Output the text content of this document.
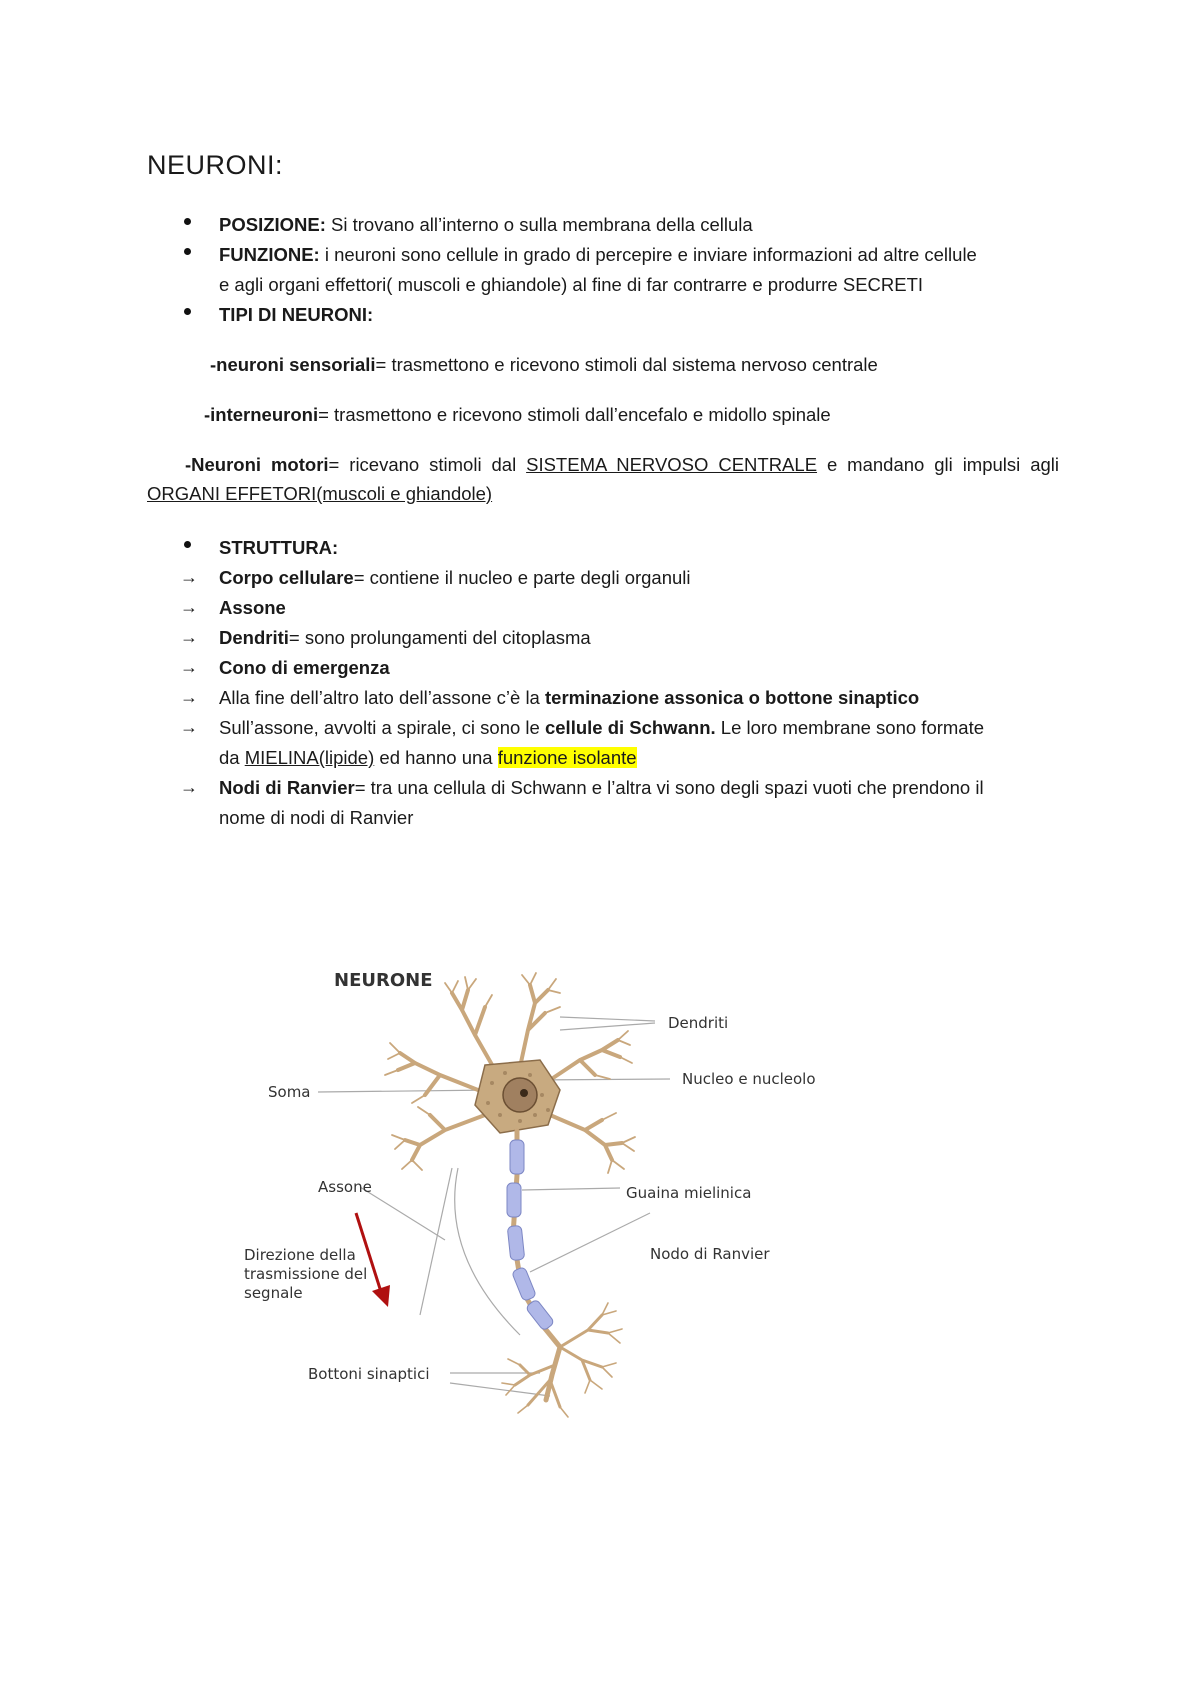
NEURONI:
POSIZIONE: Si trovano all’interno o sulla membrana della cellula
FUNZIONE: i neuroni sono cellule in grado di percepire e inviare informazioni ad altre cellule
e agli organi effettori( muscoli e ghiandole) al fine di far contrarre e produrre SECRETI
TIPI DI NEURONI:
-neuroni sensoriali= trasmettono e ricevono stimoli dal sistema nervoso centrale
-interneuroni= trasmettono e ricevono stimoli dall’encefalo e midollo spinale
-Neuroni motori= ricevano stimoli dal SISTEMA NERVOSO CENTRALE e mandano gli impulsi agli ORGANI EFFETORI(muscoli e ghiandole)
STRUTTURA:
→ Corpo cellulare= contiene il nucleo e parte degli organuli
→ Assone
→ Dendriti= sono prolungamenti del citoplasma
→ Cono di emergenza
→ Alla fine dell’altro lato dell’assone c’è la terminazione assonica o bottone sinaptico
→ Sull’assone, avvolti a spirale, ci sono le cellule di Schwann. Le loro membrane sono formate
da MIELINA(lipide) ed hanno una funzione isolante
→ Nodi di Ranvier= tra una cellula di Schwann e l’altra vi sono degli spazi vuoti che prendono il
nome di nodi di Ranvier
NEURONE
Dendriti
Nucleo e nucleolo
Soma
Assone	Guaina mielinica
Nodo di Ranvier
Direzione della
trasmissione del
segnale
Bottoni sinaptici
